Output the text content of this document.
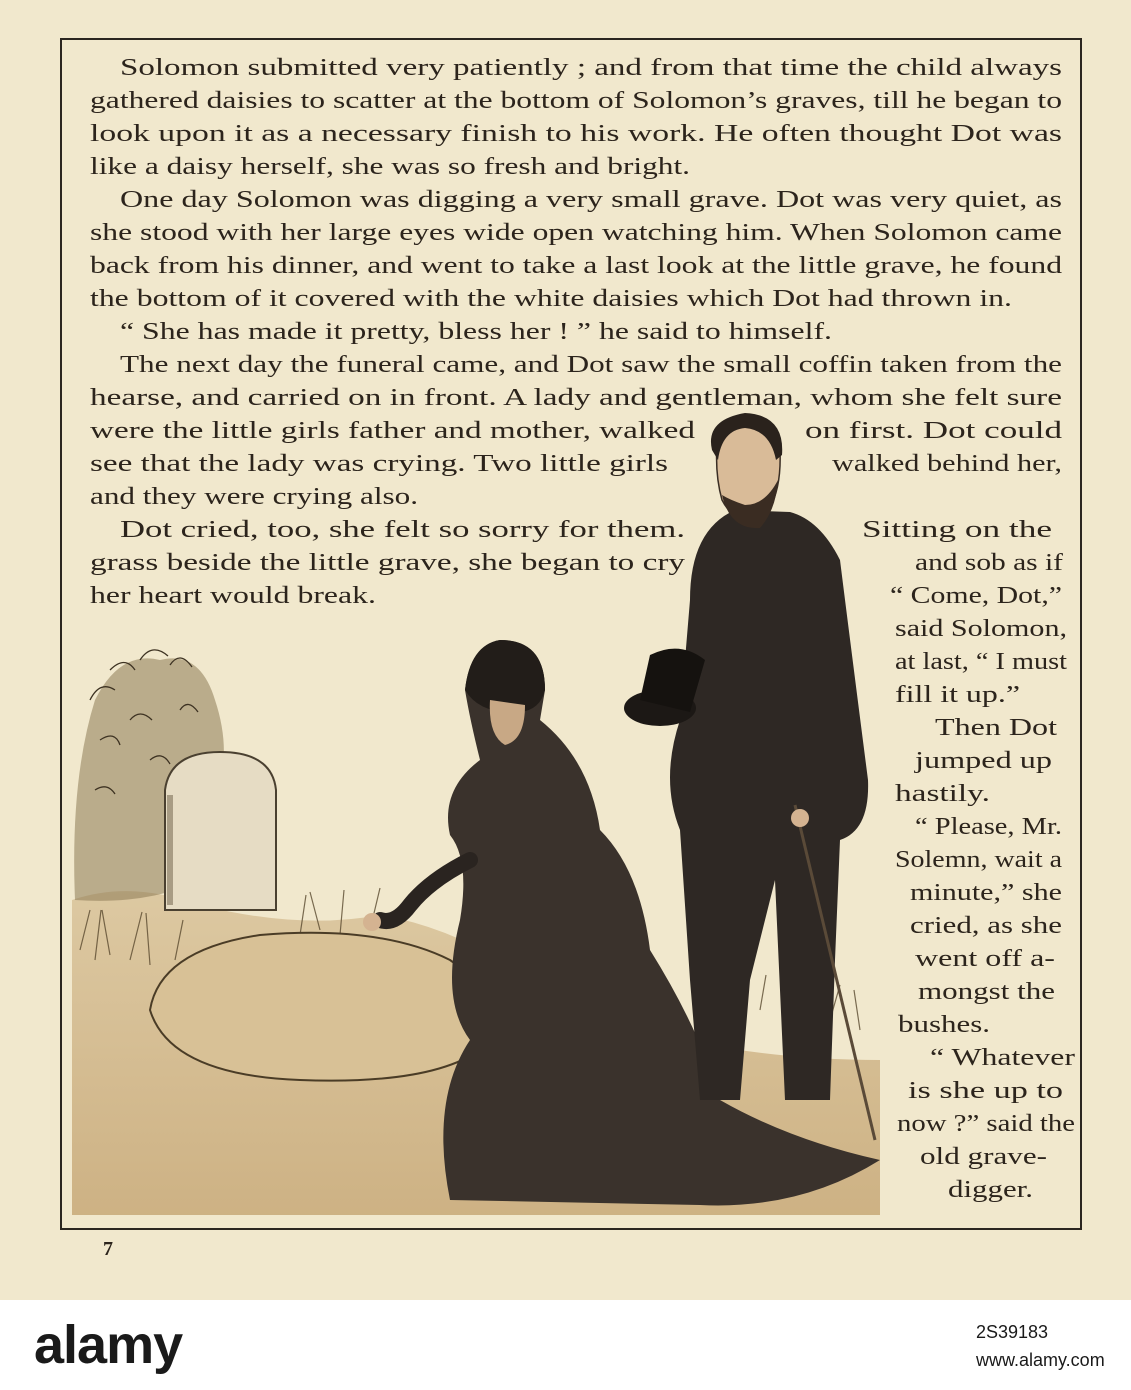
Solomon submitted very patiently ; and from that time the child always
gathered daisies to scatter at the bottom of Solomon’s graves, till he began to
look upon it as a necessary finish to his work. He often thought Dot was
like a daisy herself, she was so fresh and bright.
One day Solomon was digging a very small grave. Dot was very quiet, as
she stood with her large eyes wide open watching him. When Solomon came
back from his dinner, and went to take a last look at the little grave, he found
the bottom of it covered with the white daisies which Dot had thrown in.
“ She has made it pretty, bless her ! ” he said to himself.
The next day the funeral came, and Dot saw the small coffin taken from the
hearse, and carried on in front. A lady and gentleman, whom she felt sure
were the little girls father and mother, walked	on first. Dot could
see that the lady was crying. Two little girls	walked behind her,
and they were crying also.
Dot cried, too, she felt so sorry for them.	Sitting on the
grass beside the little grave, she began to cry	and sob as if
her heart would break.	“ Come, Dot,”
said Solomon,
at last, “ I must
fill it up.”
Then Dot
jumped up
hastily.
“ Please, Mr.
Solemn, wait a
minute,” she
cried, as she
went off a-
mongst the
bushes.
“ Whatever
is she up to
now ?” said the
old grave-
digger.
7
alamy	2S39183
www.alamy.com
